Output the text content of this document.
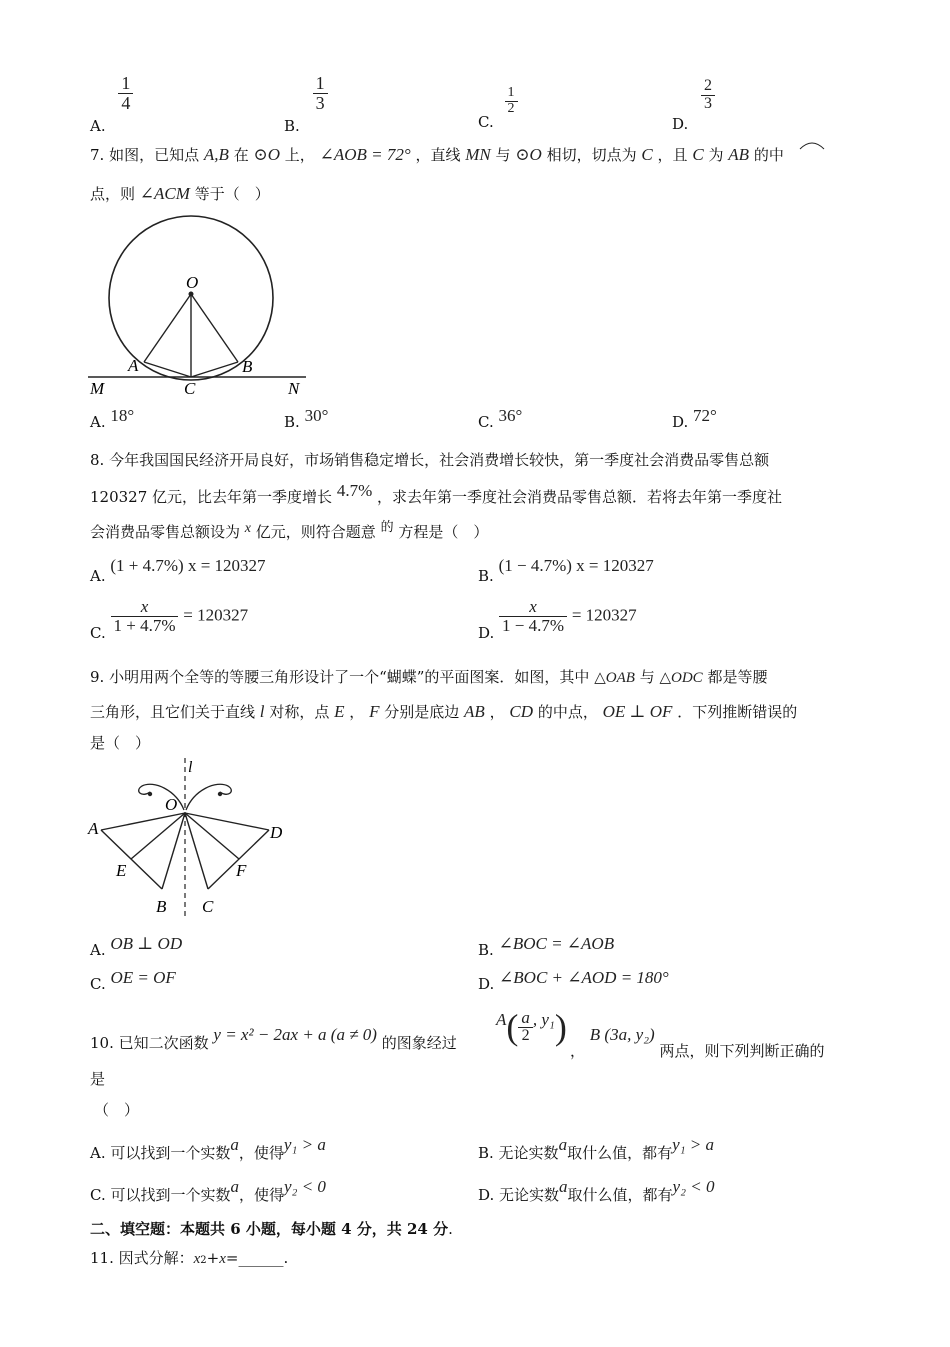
A.
$\frac{1}{4}$
B.
$\frac{1}{3}$
C.
$\frac{1}{2}$
D.
$\frac{2}{3}$
7. 如图，已知点 A,B 在 ⊙O 上， ∠AOB = 72° ，直线 MN 与 ⊙O 相切，切点为 C ，且 C 为 AB 的中
点，则 ∠ACM 等于（　）
O
A	B
C
M	N
A. 18°	B. 30°	C. 36°	D. 72°
8. 今年我国国民经济开局良好，市场销售稳定增长，社会消费增长较快，第一季度社会消费品零售总额
120327 亿元，比去年第一季度增长 4.7% ，求去年第一季度社会消费品零售总额．若将去年第一季度社
会消费品零售总额设为 x 亿元，则符合题意 的 方程是（　）
A. (1 + 4.7%) x = 120327
B. (1 − 4.7%) x = 120327
C. $\frac{x}{1 + 4.7\%} = 120327$
D. $\frac{x}{1 - 4.7\%} = 120327$
9. 小明用两个全等的等腰三角形设计了一个“蝴蝶”的平面图案．如图，其中 △OAB 与 △ODC 都是等腰
三角形，且它们关于直线 l 对称，点 E ， F 分别是底边 AB ， CD 的中点， OE ⊥ OF ．下列推断错误的
是（　）
l
O
A	D
E	F
B C
A. OB ⊥ OD	B. ∠BOC = ∠AOB
C. OE = OF	D. ∠BOC + ∠AOD = 180°
10. 已知二次函数 y = x² − 2ax + a (a ≠ 0) 的图象经过
$A( \frac{a}{2}$ , y₁)
， B (3a, y₂) 两点，则下列判断正确的
是
（　）
A. 可以找到一个实数a，使得y₁ > a	B. 无论实数a取什么值，都有y₁ > a
C. 可以找到一个实数a，使得y₂ < 0	D. 无论实数a取什么值，都有y₂ < 0
二、填空题：本题共 6 小题，每小题 4 分，共 24 分.
11. 因式分解：x2+x=______.
